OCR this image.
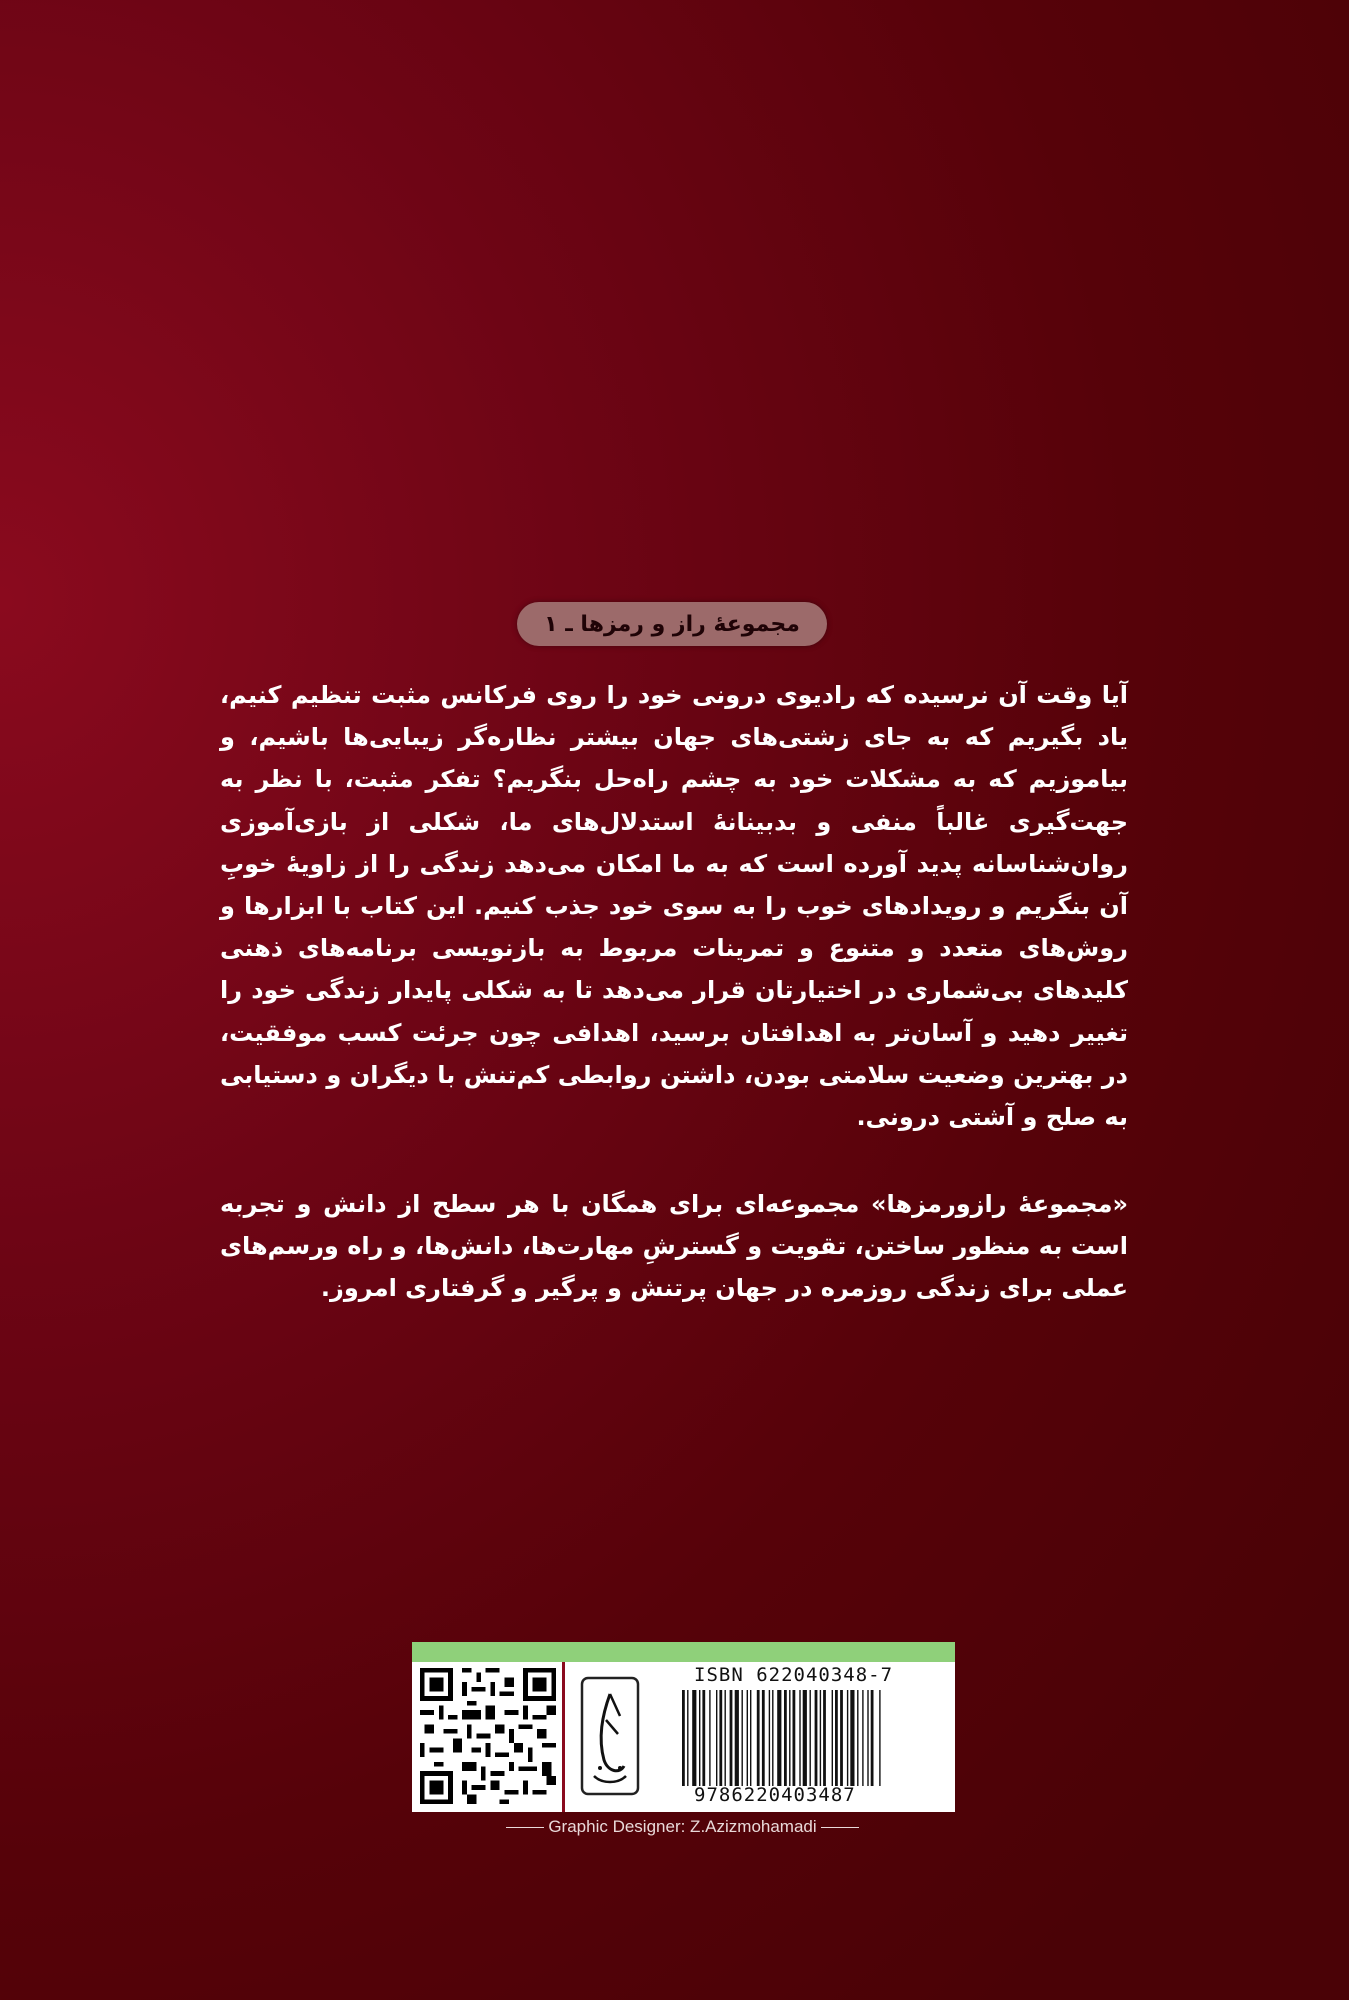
مجموعهٔ راز و رمزها ـ ۱

آیا وقت آن نرسیده که رادیوی درونی خود را روی فرکانس مثبت تنظیم کنیم، یاد بگیریم که به جای زشتی‌های جهان بیشتر نظاره‌گر زیبایی‌ها باشیم، و بیاموزیم که به مشکلات خود به چشم راه‌حل بنگریم؟ تفکر مثبت، با نظر به جهت‌گیری غالباً منفی و بدبینانهٔ استدلال‌های ما، شکلی از بازی‌آموزی روان‌شناسانه پدید آورده است که به ما امکان می‌دهد زندگی را از زاویهٔ خوبِ آن بنگریم و رویدادهای خوب را به سوی خود جذب کنیم. این کتاب با ابزارها و روش‌های متعدد و متنوع و تمرینات مربوط به بازنویسی برنامه‌های ذهنی کلیدهای بی‌شماری در اختیارتان قرار می‌دهد تا به شکلی پایدار زندگی خود را تغییر دهید و آسان‌تر به اهدافتان برسید، اهدافی چون جرئت کسب موفقیت، در بهترین وضعیت سلامتی بودن، داشتن روابطی کم‌تنش با دیگران و دستیابی به صلح و آشتی درونی.

«مجموعهٔ رازورمزها» مجموعه‌ای برای همگان با هر سطح از دانش و تجربه است به منظور ساختن، تقویت و گسترشِ مهارت‌ها، دانش‌ها، و راه ورسم‌های عملی برای زندگی روزمره در جهان پرتنش و پرگیر و گرفتاری امروز.

ISBN 622040348-7
9786220403487
Graphic Designer: Z.Azizmohamadi
